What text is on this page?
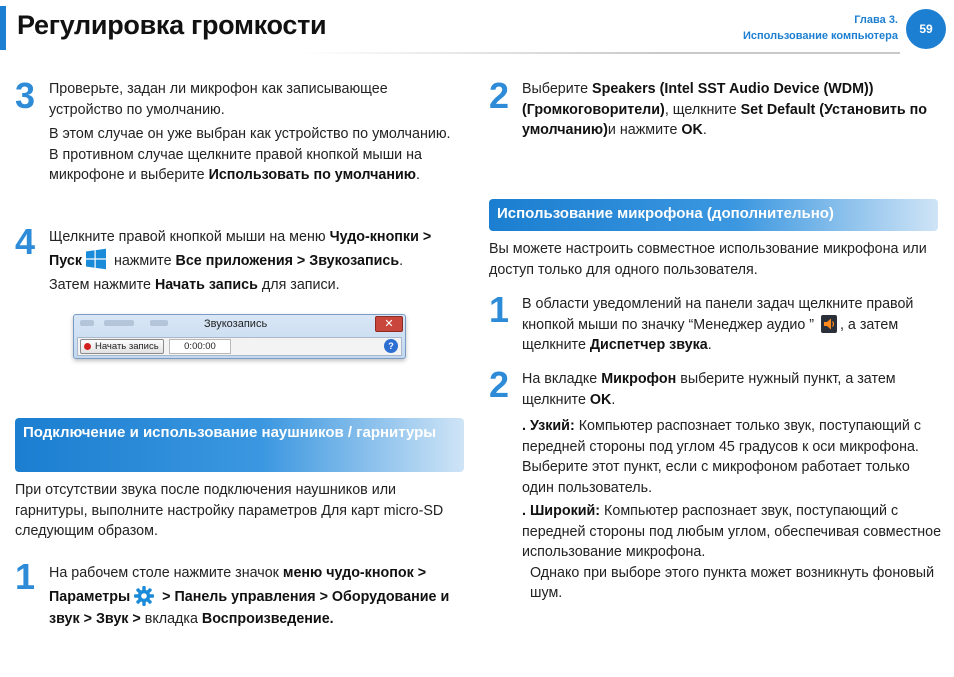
Регулировка громкости	Глава 3.
Использование компьютера	59
3 Проверьте, задан ли микрофон как записывающее устройство по умолчанию.
В этом случае он уже выбран как устройство по умолчанию. В противном случае щелкните правой кнопкой мыши на микрофоне и выберите Использовать по умолчанию.
4 Щелкните правой кнопкой мыши на меню Чудо-кнопки > Пуск нажмите Все приложения > Звукозапись.
Затем нажмите Начать запись для записи.
Звукозапись	✕
Начать запись	0:00:00	?
Подключение и использование наушников / гарнитуры
При отсутствии звука после подключения наушников или гарнитуры, выполните настройку параметров Для карт micro-SD следующим образом.
1 На рабочем столе нажмите значок меню чудо-кнопок > Параметры > Панель управления > Оборудование и звук > Звук > вкладка Воспроизведение.
2 Выберите Speakers (Intel SST Audio Device (WDM)) (Громкоговорители), щелкните Set Default (Установить по умолчанию)и нажмите OK.
Использование микрофона (дополнительно)
Вы можете настроить совместное использование микрофона или доступ только для одного пользователя.
1 В области уведомлений на панели задач щелкните правой кнопкой мыши по значку “Менеджер аудио ” , а затем щелкните Диспетчер звука.
2 На вкладке Микрофон выберите нужный пункт, а затем щелкните OK.
. Узкий: Компьютер распознает только звук, поступающий с передней стороны под углом 45 градусов к оси микрофона. Выберите этот пункт, если с микрофоном работает только один пользователь.
. Широкий: Компьютер распознает звук, поступающий с передней стороны под любым углом, обеспечивая совместное использование микрофона.
Однако при выборе этого пункта может возникнуть фоновый шум.
